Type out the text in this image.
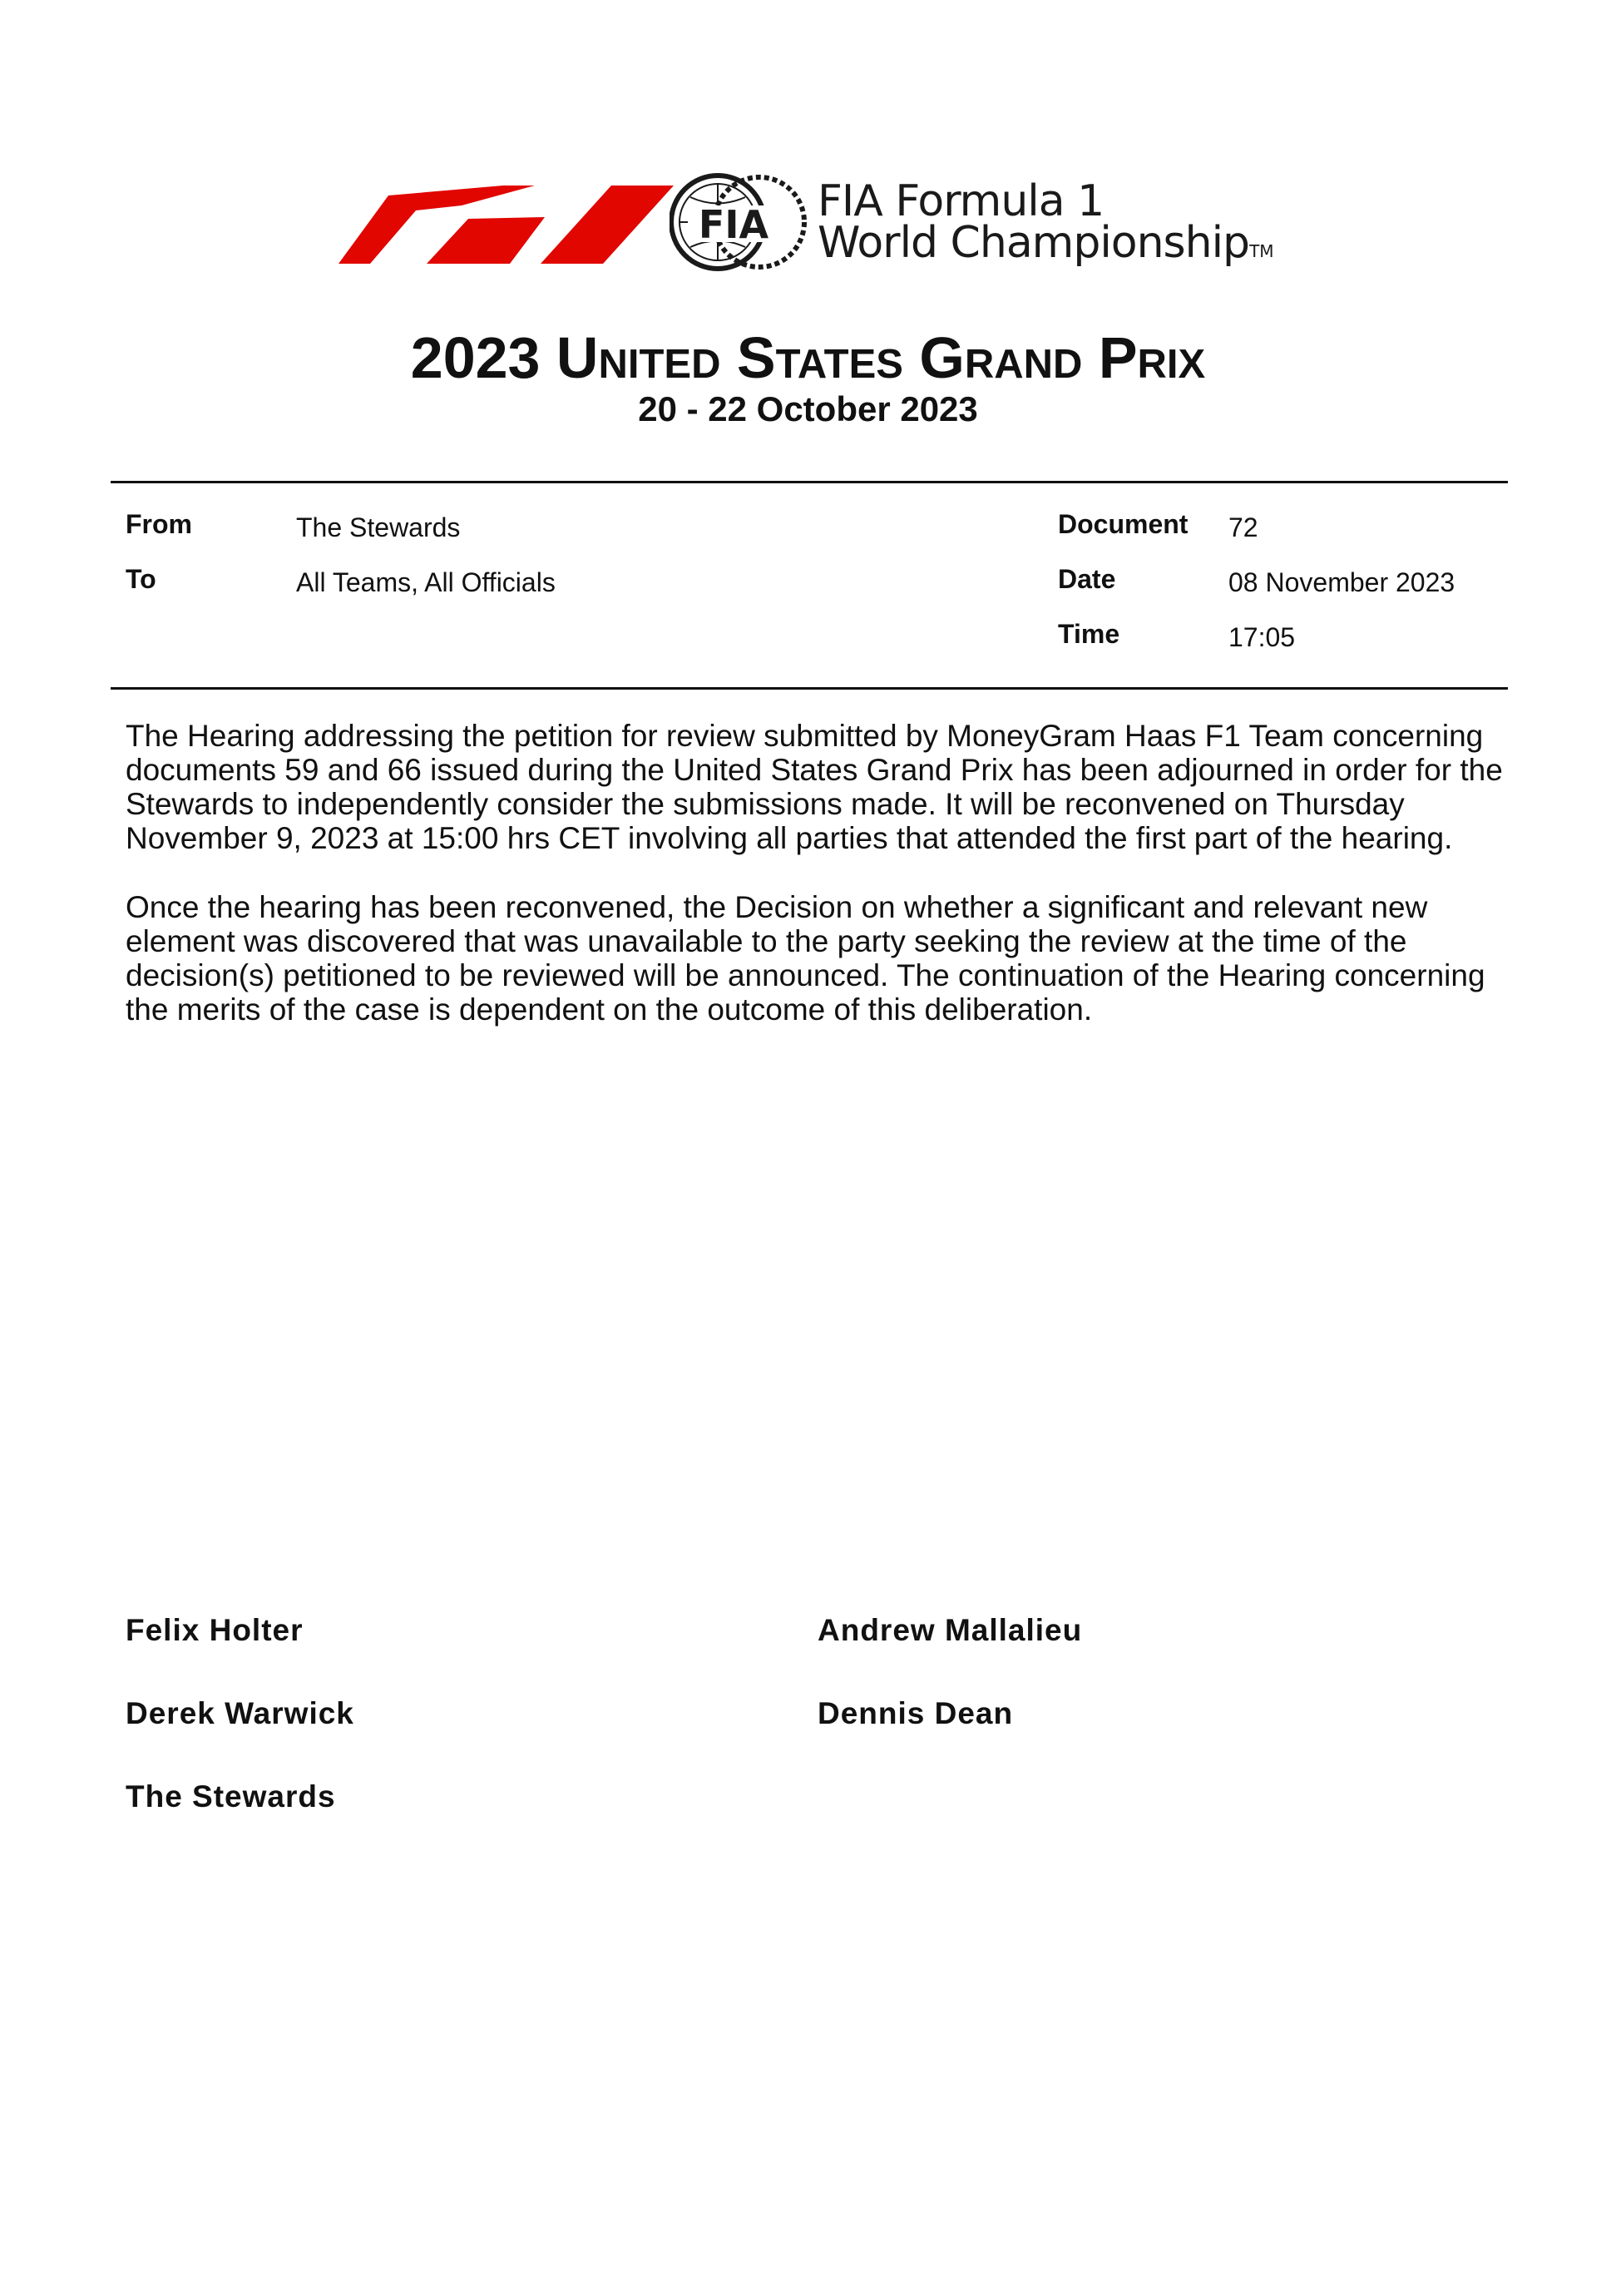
FIA FIA Formula 1
World ChampionshipTM
2023 United States Grand Prix
20 - 22 October 2023
From	The Stewards
To	All Teams, All Officials
Document 72
Date	08 November 2023
Time	17:05

The Hearing addressing the petition for review submitted by MoneyGram Haas F1 Team concerning documents 59 and 66 issued during the United States Grand Prix has been adjourned in order for the Stewards to independently consider the submissions made. It will be reconvened on Thursday November 9, 2023 at 15:00 hrs CET involving all parties that attended the first part of the hearing.

Once the hearing has been reconvened, the Decision on whether a significant and relevant new element was discovered that was unavailable to the party seeking the review at the time of the decision(s) petitioned to be reviewed will be announced. The continuation of the Hearing concerning the merits of the case is dependent on the outcome of this deliberation.

Felix Holter	Andrew Mallalieu
Derek Warwick	Dennis Dean
The Stewards
